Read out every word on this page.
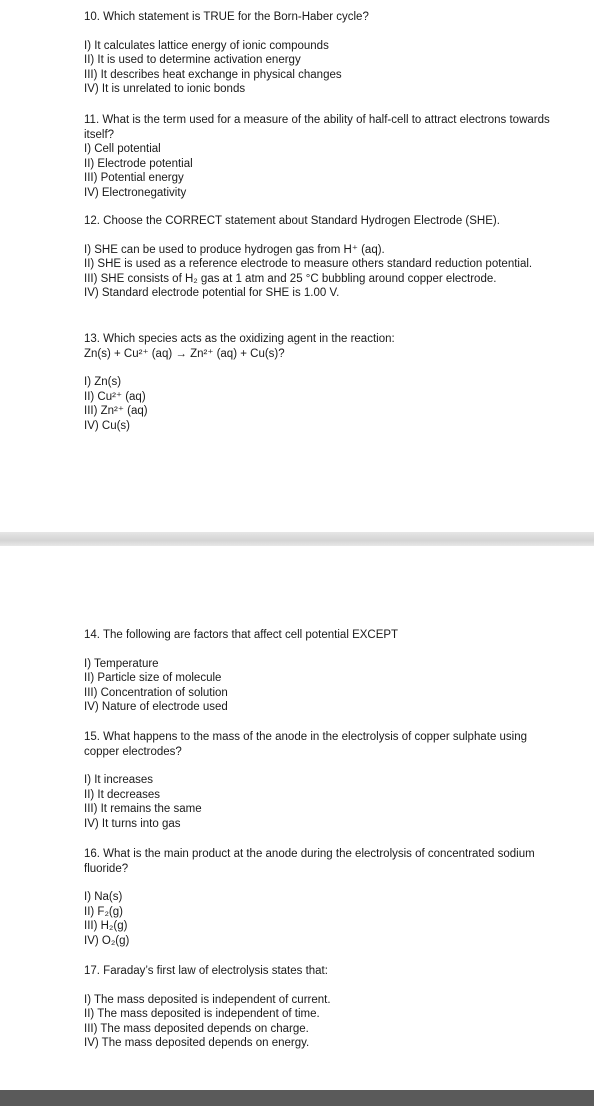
10. Which statement is TRUE for the Born-Haber cycle?

I) It calculates lattice energy of ionic compounds
II) It is used to determine activation energy
III) It describes heat exchange in physical changes
IV) It is unrelated to ionic bonds

11. What is the term used for a measure of the ability of half-cell to attract electrons towards itself?

I) Cell potential
II) Electrode potential
III) Potential energy
IV) Electronegativity

12. Choose the CORRECT statement about Standard Hydrogen Electrode (SHE).

I) SHE can be used to produce hydrogen gas from H⁺ (aq).
II) SHE is used as a reference electrode to measure others standard reduction potential.
III) SHE consists of H₂ gas at 1 atm and 25 °C bubbling around copper electrode.
IV) Standard electrode potential for SHE is 1.00 V.

13. Which species acts as the oxidizing agent in the reaction:

Zn(s) + Cu²⁺ (aq) → Zn²⁺ (aq) + Cu(s)?

I) Zn(s)
II) Cu²⁺ (aq)
III) Zn²⁺ (aq)
IV) Cu(s)

14. The following are factors that affect cell potential EXCEPT

I) Temperature
II) Particle size of molecule
III) Concentration of solution
IV) Nature of electrode used

15. What happens to the mass of the anode in the electrolysis of copper sulphate using copper electrodes?

I) It increases
II) It decreases
III) It remains the same
IV) It turns into gas

16. What is the main product at the anode during the electrolysis of concentrated sodium fluoride?

I) Na(s)
II) F₂(g)
III) H₂(g)
IV) O₂(g)

17. Faraday’s first law of electrolysis states that:

I) The mass deposited is independent of current.
II) The mass deposited is independent of time.
III) The mass deposited depends on charge.
IV) The mass deposited depends on energy.
